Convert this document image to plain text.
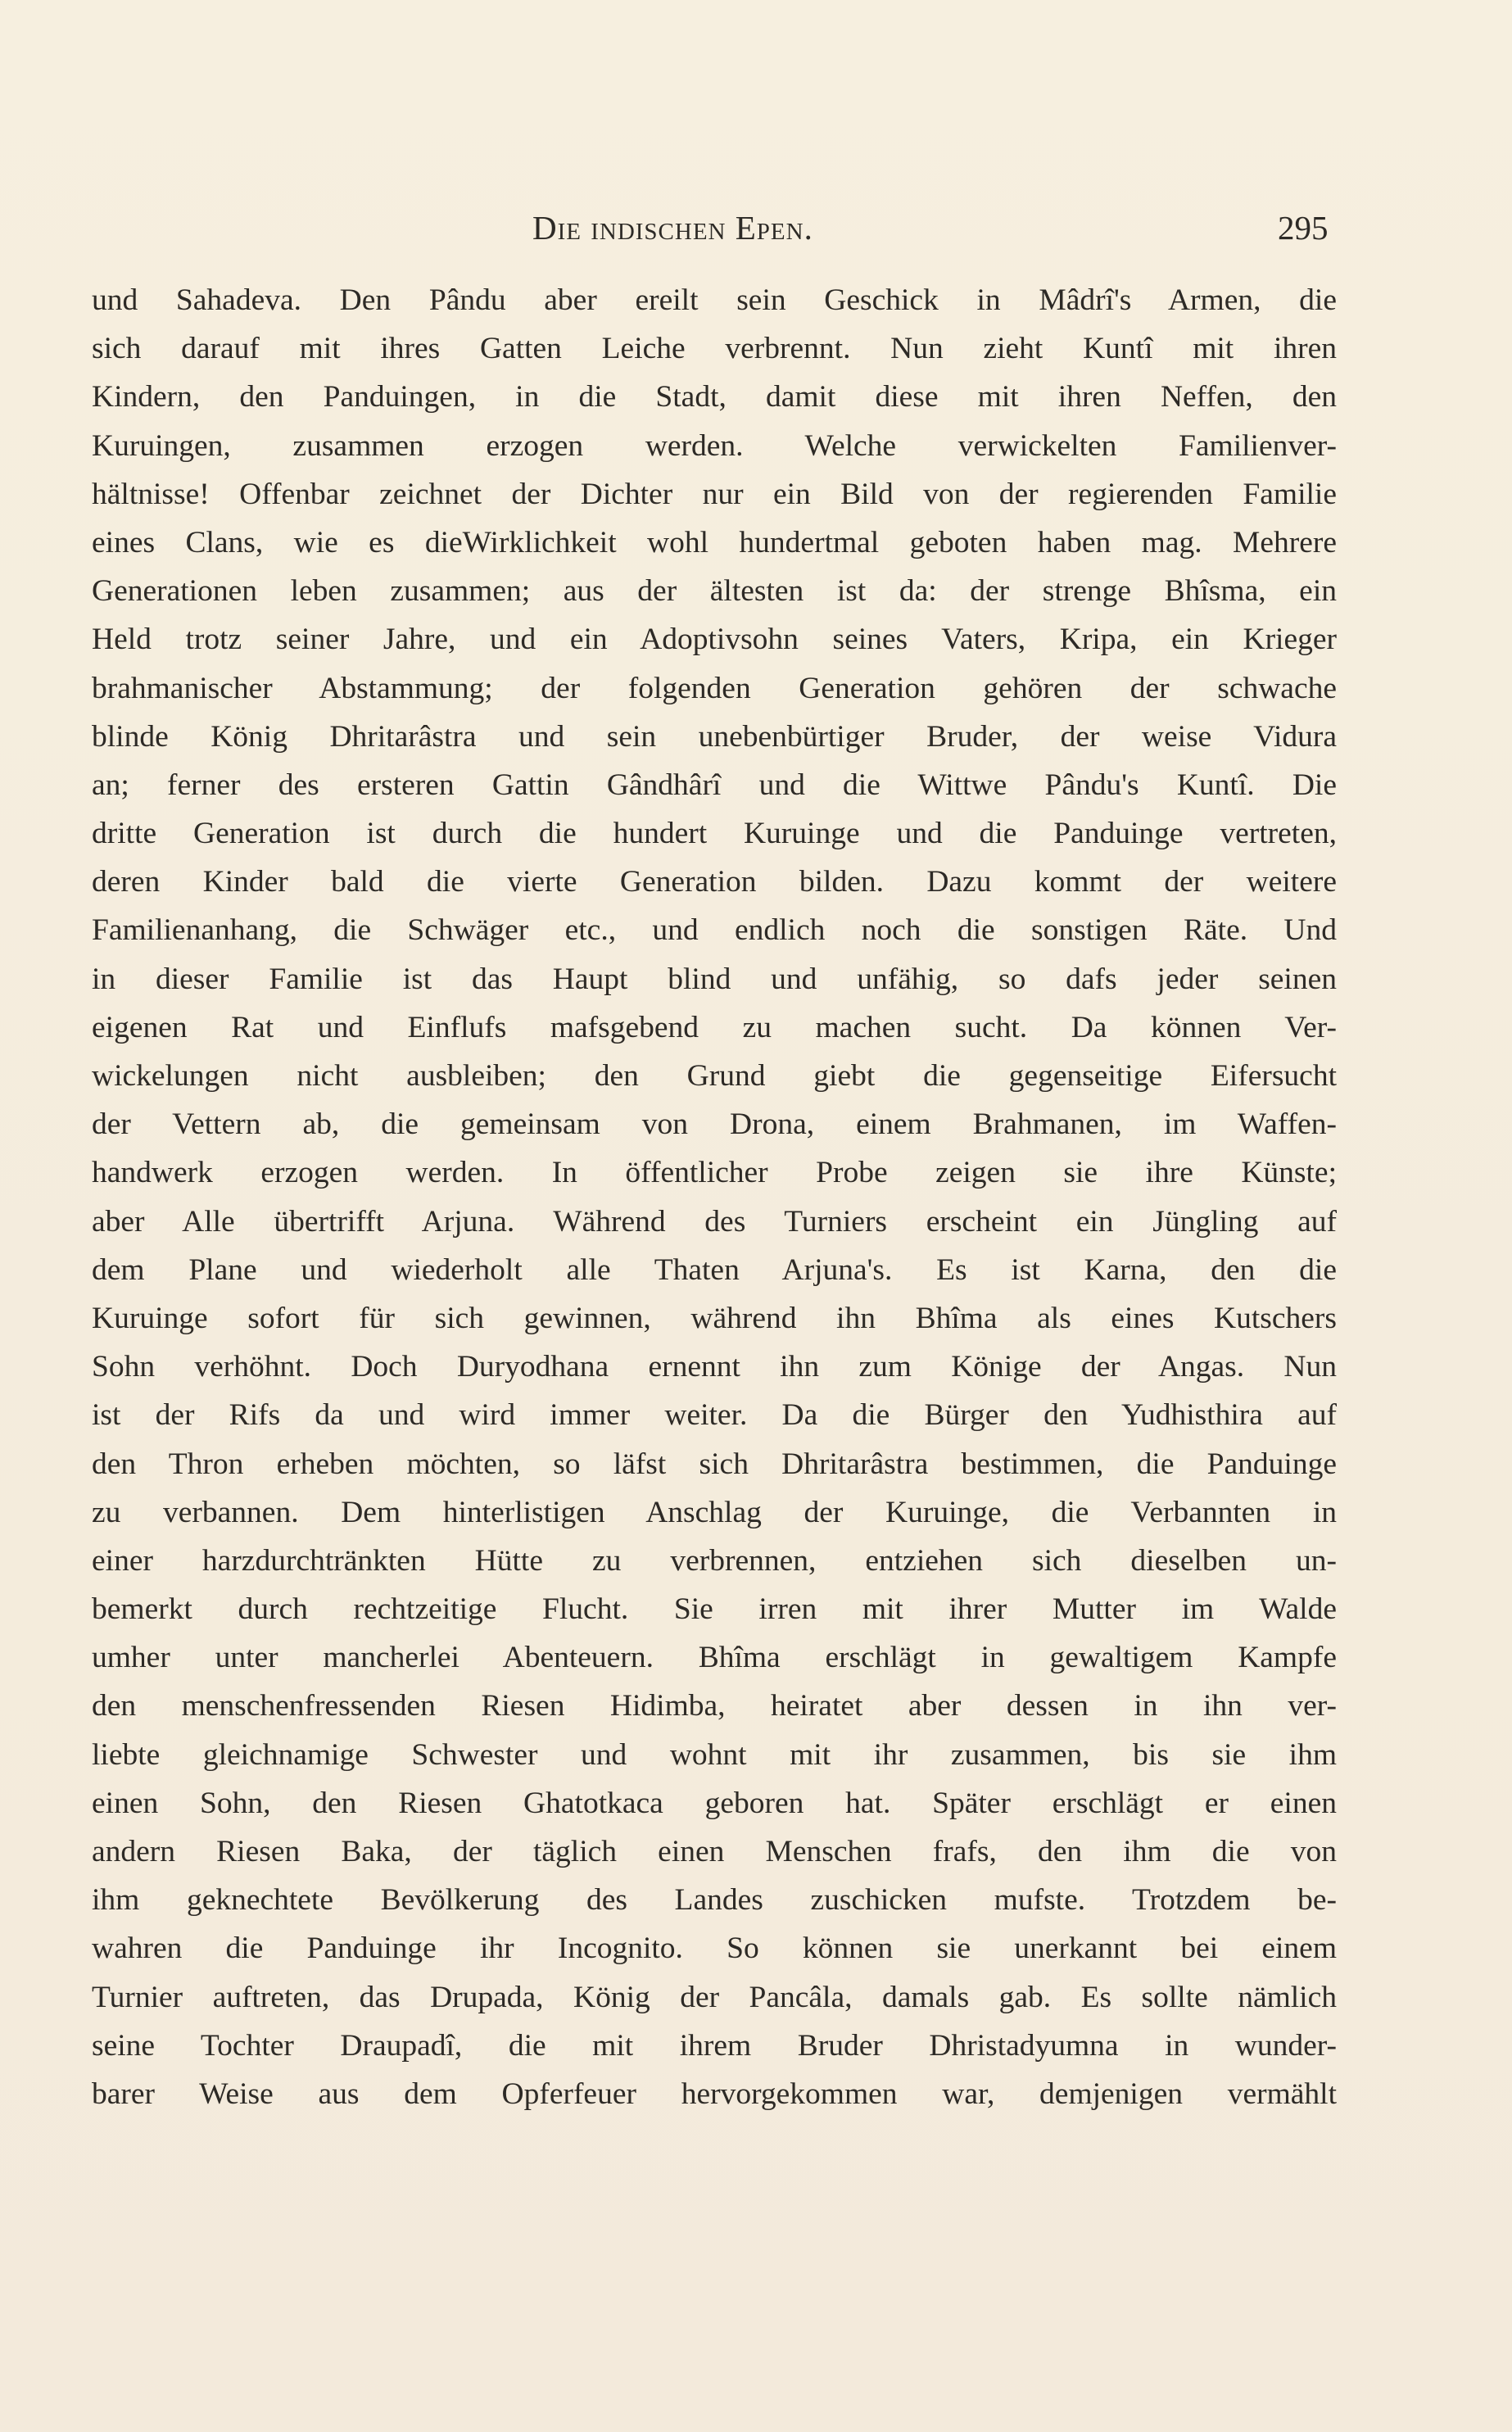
Die indischen Epen.	295
und Sahadeva. Den Pându aber ereilt sein Geschick in Mâdrî's Armen, die
sich darauf mit ihres Gatten Leiche verbrennt. Nun zieht Kuntî mit ihren
Kindern, den Panduingen, in die Stadt, damit diese mit ihren Neffen, den
Kuruingen, zusammen erzogen werden. Welche verwickelten Familienver-
hältnisse! Offenbar zeichnet der Dichter nur ein Bild von der regierenden Familie
eines Clans, wie es dieWirklichkeit wohl hundertmal geboten haben mag. Mehrere
Generationen leben zusammen; aus der ältesten ist da: der strenge Bhîsma, ein
Held trotz seiner Jahre, und ein Adoptivsohn seines Vaters, Kripa, ein Krieger
brahmanischer Abstammung; der folgenden Generation gehören der schwache
blinde König Dhritarâstra und sein unebenbürtiger Bruder, der weise Vidura
an; ferner des ersteren Gattin Gândhârî und die Wittwe Pându's Kuntî. Die
dritte Generation ist durch die hundert Kuruinge und die Panduinge vertreten,
deren Kinder bald die vierte Generation bilden. Dazu kommt der weitere
Familienanhang, die Schwäger etc., und endlich noch die sonstigen Räte. Und
in dieser Familie ist das Haupt blind und unfähig, so dafs jeder seinen
eigenen Rat und Einflufs mafsgebend zu machen sucht. Da können Ver-
wickelungen nicht ausbleiben; den Grund giebt die gegenseitige Eifersucht
der Vettern ab, die gemeinsam von Drona, einem Brahmanen, im Waffen-
handwerk erzogen werden. In öffentlicher Probe zeigen sie ihre Künste;
aber Alle übertrifft Arjuna. Während des Turniers erscheint ein Jüngling auf
dem Plane und wiederholt alle Thaten Arjuna's. Es ist Karna, den die
Kuruinge sofort für sich gewinnen, während ihn Bhîma als eines Kutschers
Sohn verhöhnt. Doch Duryodhana ernennt ihn zum Könige der Angas. Nun
ist der Rifs da und wird immer weiter. Da die Bürger den Yudhisthira auf
den Thron erheben möchten, so läfst sich Dhritarâstra bestimmen, die Panduinge
zu verbannen. Dem hinterlistigen Anschlag der Kuruinge, die Verbannten in
einer harzdurchtränkten Hütte zu verbrennen, entziehen sich dieselben un-
bemerkt durch rechtzeitige Flucht. Sie irren mit ihrer Mutter im Walde
umher unter mancherlei Abenteuern. Bhîma erschlägt in gewaltigem Kampfe
den menschenfressenden Riesen Hidimba, heiratet aber dessen in ihn ver-
liebte gleichnamige Schwester und wohnt mit ihr zusammen, bis sie ihm
einen Sohn, den Riesen Ghatotkaca geboren hat. Später erschlägt er einen
andern Riesen Baka, der täglich einen Menschen frafs, den ihm die von
ihm geknechtete Bevölkerung des Landes zuschicken mufste. Trotzdem be-
wahren die Panduinge ihr Incognito. So können sie unerkannt bei einem
Turnier auftreten, das Drupada, König der Pancâla, damals gab. Es sollte nämlich
seine Tochter Draupadî, die mit ihrem Bruder Dhristadyumna in wunder-
barer Weise aus dem Opferfeuer hervorgekommen war, demjenigen vermählt
